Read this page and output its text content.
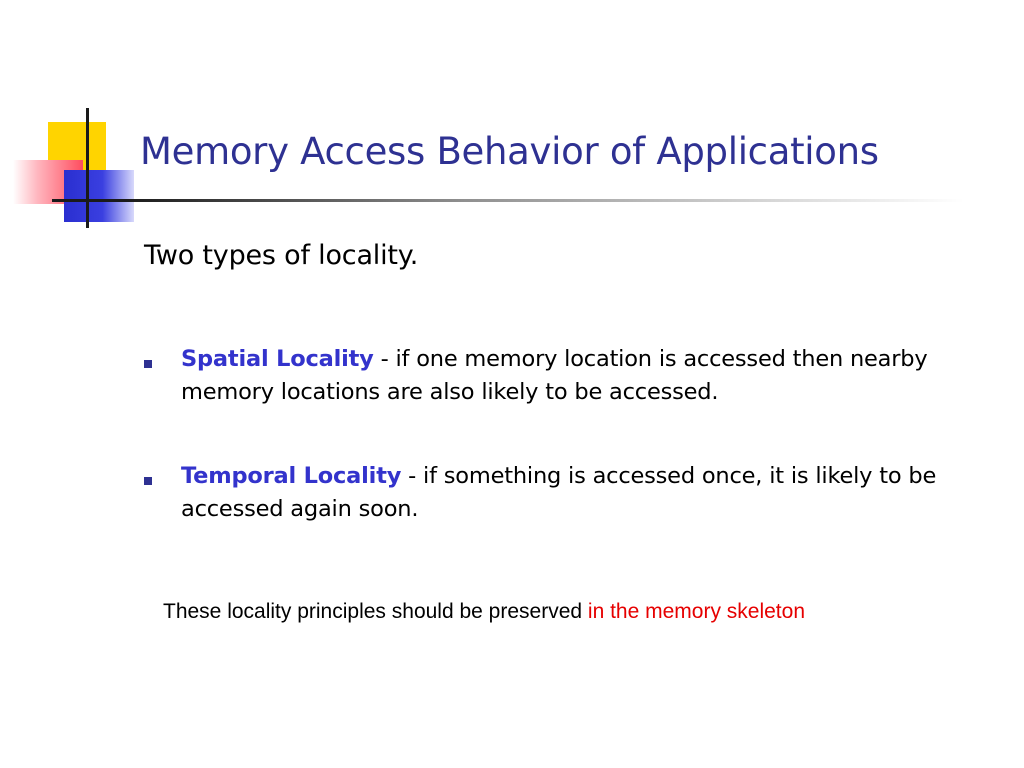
Memory Access Behavior of Applications
Two types of locality.
Spatial Locality - if one memory location is accessed then nearby memory locations are also likely to be accessed.
Temporal Locality - if something is accessed once, it is likely to be accessed again soon.
These locality principles should be preserved in the memory skeleton
